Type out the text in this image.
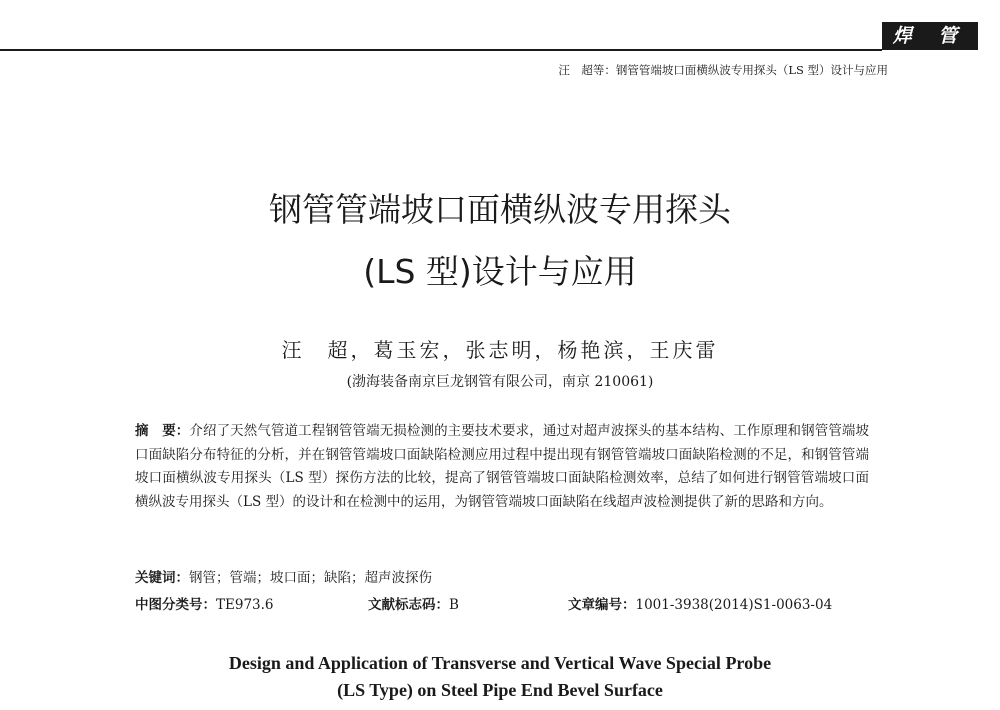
焊 管
汪　超等：钢管管端坡口面横纵波专用探头（LS 型）设计与应用
钢管管端坡口面横纵波专用探头
(LS 型)设计与应用
汪　超，葛玉宏，张志明，杨艳滨，王庆雷
(渤海装备南京巨龙钢管有限公司，南京 210061)
摘　要：介绍了天然气管道工程钢管管端无损检测的主要技术要求，通过对超声波探头的基本结构、工作原理和钢管管端坡口面缺陷分布特征的分析，并在钢管管端坡口面缺陷检测应用过程中提出现有钢管管端坡口面缺陷检测的不足，和钢管管端坡口面横纵波专用探头（LS 型）探伤方法的比较，提高了钢管管端坡口面缺陷检测效率，总结了如何进行钢管管端坡口面横纵波专用探头（LS 型）的设计和在检测中的运用，为钢管管端坡口面缺陷在线超声波检测提供了新的思路和方向。
关键词：钢管；管端；坡口面；缺陷；超声波探伤
中图分类号：TE973.6	文献标志码：B	文章编号：1001-3938(2014)S1-0063-04
Design and Application of Transverse and Vertical Wave Special Probe
(LS Type) on Steel Pipe End Bevel Surface
